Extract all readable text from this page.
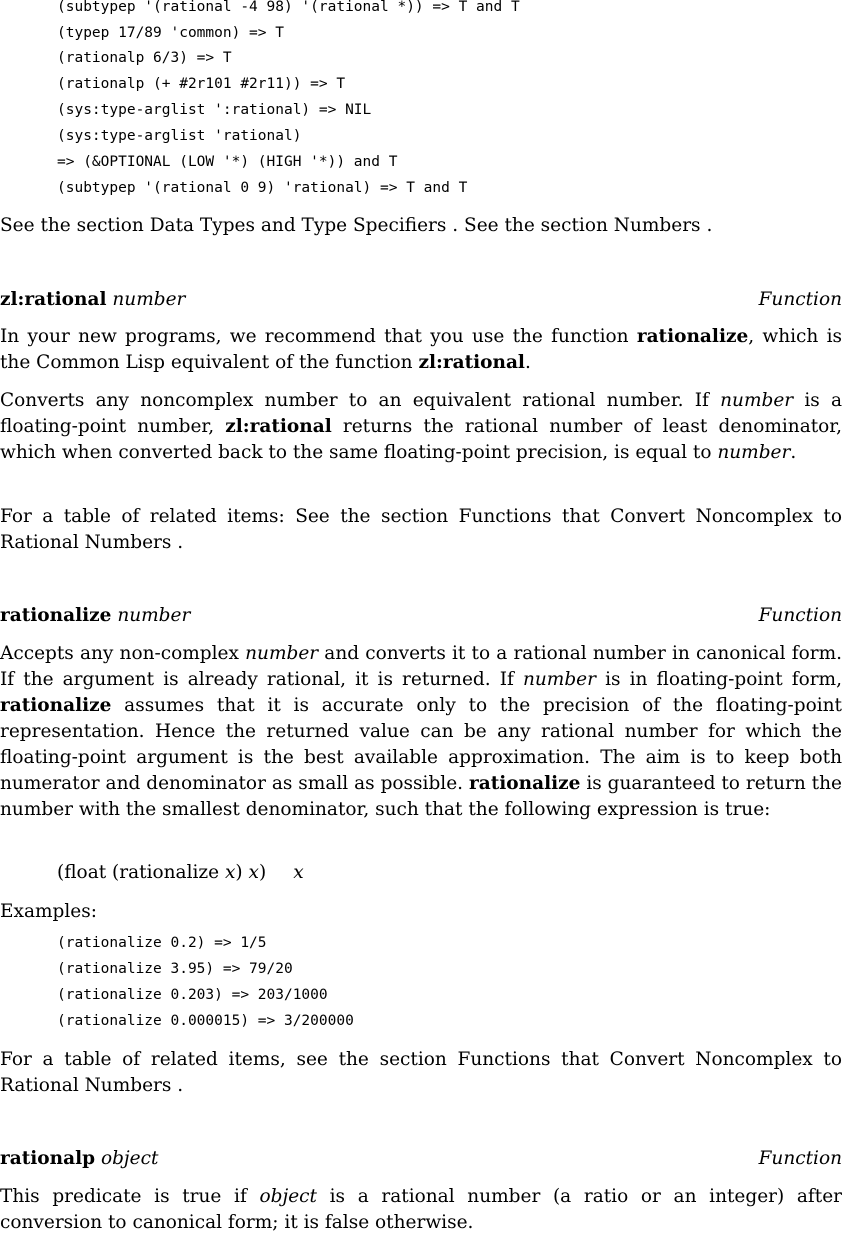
(subtypep '(rational -4 98) '(rational *)) => T and T
(typep 17/89 'common) => T
(rationalp 6/3) => T
(rationalp (+ #2r101 #2r11)) => T
(sys:type-arglist ':rational) => NIL
(sys:type-arglist 'rational)
=> (&OPTIONAL (LOW '*) (HIGH '*)) and T
(subtypep '(rational 0 9) 'rational) => T and T
See the section Data Types and Type Specifiers . See the section Numbers .
zl:rational number	Function
In your new programs, we recommend that you use the function rationalize, which is the Common Lisp equivalent of the function zl:rational.
Converts any noncomplex number to an equivalent rational number. If number is a floating-point number, zl:rational returns the rational number of least denominator, which when converted back to the same floating-point precision, is equal to number.
For a table of related items: See the section Functions that Convert Noncomplex to Rational Numbers .
rationalize number	Function
Accepts any non-complex number and converts it to a rational number in canonical form. If the argument is already rational, it is returned. If number is in floating-point form, rationalize assumes that it is accurate only to the precision of the floating-point representation. Hence the returned value can be any rational number for which the floating-point argument is the best available approximation. The aim is to keep both numerator and denominator as small as possible. rationalize is guaranteed to return the number with the smallest denominator, such that the following expression is true:
(float (rationalize x) x) x
Examples:
(rationalize 0.2) => 1/5
(rationalize 3.95) => 79/20
(rationalize 0.203) => 203/1000
(rationalize 0.000015) => 3/200000
For a table of related items, see the section Functions that Convert Noncomplex to Rational Numbers .
rationalp object	Function
This predicate is true if object is a rational number (a ratio or an integer) after conversion to canonical form; it is false otherwise.
